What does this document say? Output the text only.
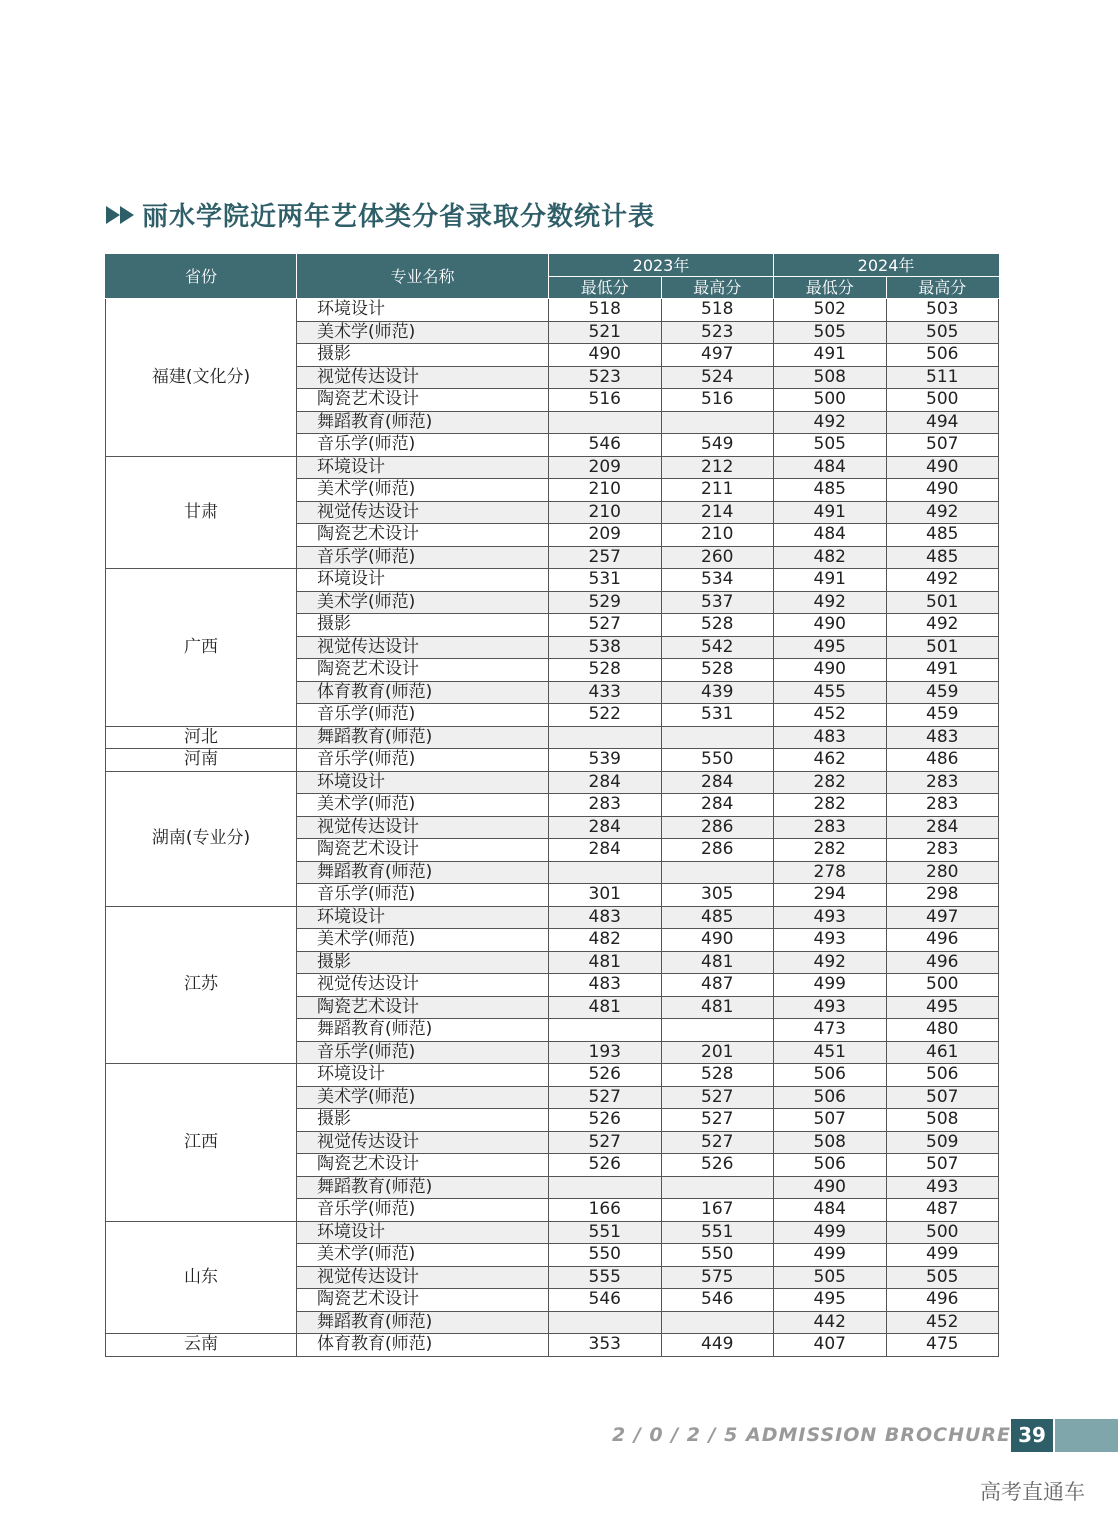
丽水学院近两年艺体类分省录取分数统计表
省份	专业名称	2023年		2024年	
		最低分	最高分	最低分	最高分
福建(文化分)	环境设计	518	518	502	503
	美术学(师范)	521	523	505	505
	摄影	490	497	491	506
	视觉传达设计	523	524	508	511
	陶瓷艺术设计	516	516	500	500
	舞蹈教育(师范)			492	494
	音乐学(师范)	546	549	505	507
甘肃	环境设计	209	212	484	490
	美术学(师范)	210	211	485	490
	视觉传达设计	210	214	491	492
	陶瓷艺术设计	209	210	484	485
	音乐学(师范)	257	260	482	485
广西	环境设计	531	534	491	492
	美术学(师范)	529	537	492	501
	摄影	527	528	490	492
	视觉传达设计	538	542	495	501
	陶瓷艺术设计	528	528	490	491
	体育教育(师范)	433	439	455	459
	音乐学(师范)	522	531	452	459
河北	舞蹈教育(师范)			483	483
河南	音乐学(师范)	539	550	462	486
湖南(专业分)	环境设计	284	284	282	283
	美术学(师范)	283	284	282	283
	视觉传达设计	284	286	283	284
	陶瓷艺术设计	284	286	282	283
	舞蹈教育(师范)			278	280
	音乐学(师范)	301	305	294	298
江苏	环境设计	483	485	493	497
	美术学(师范)	482	490	493	496
	摄影	481	481	492	496
	视觉传达设计	483	487	499	500
	陶瓷艺术设计	481	481	493	495
	舞蹈教育(师范)			473	480
	音乐学(师范)	193	201	451	461
江西	环境设计	526	528	506	506
	美术学(师范)	527	527	506	507
	摄影	526	527	507	508
	视觉传达设计	527	527	508	509
	陶瓷艺术设计	526	526	506	507
	舞蹈教育(师范)			490	493
	音乐学(师范)	166	167	484	487
山东	环境设计	551	551	499	500
	美术学(师范)	550	550	499	499
	视觉传达设计	555	575	505	505
	陶瓷艺术设计	546	546	495	496
	舞蹈教育(师范)			442	452
云南	体育教育(师范)	353	449	407	475
2 / 0 / 2 / 5 ADMISSION BROCHURE 39
高考直通车
